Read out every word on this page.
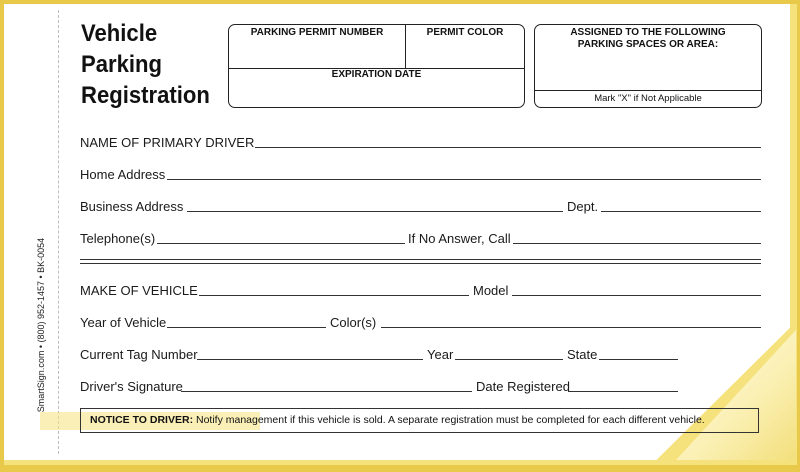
SmartSign.com • (800) 952-1457 • BK-0054
Vehicle
Parking
Registration
PARKING PERMIT NUMBER	PERMIT COLOR
EXPIRATION DATE
ASSIGNED TO THE FOLLOWING
PARKING SPACES OR AREA:
Mark "X" if Not Applicable
NAME OF PRIMARY DRIVER
Home Address
Business Address	Dept.
Telephone(s)	If No Answer, Call
MAKE OF VEHICLE	Model
Year of Vehicle	Color(s)
Current Tag Number	Year	State
Driver's Signature	Date Registered
NOTICE TO DRIVER: Notify management if this vehicle is sold. A separate registration must be completed for each different vehicle.
